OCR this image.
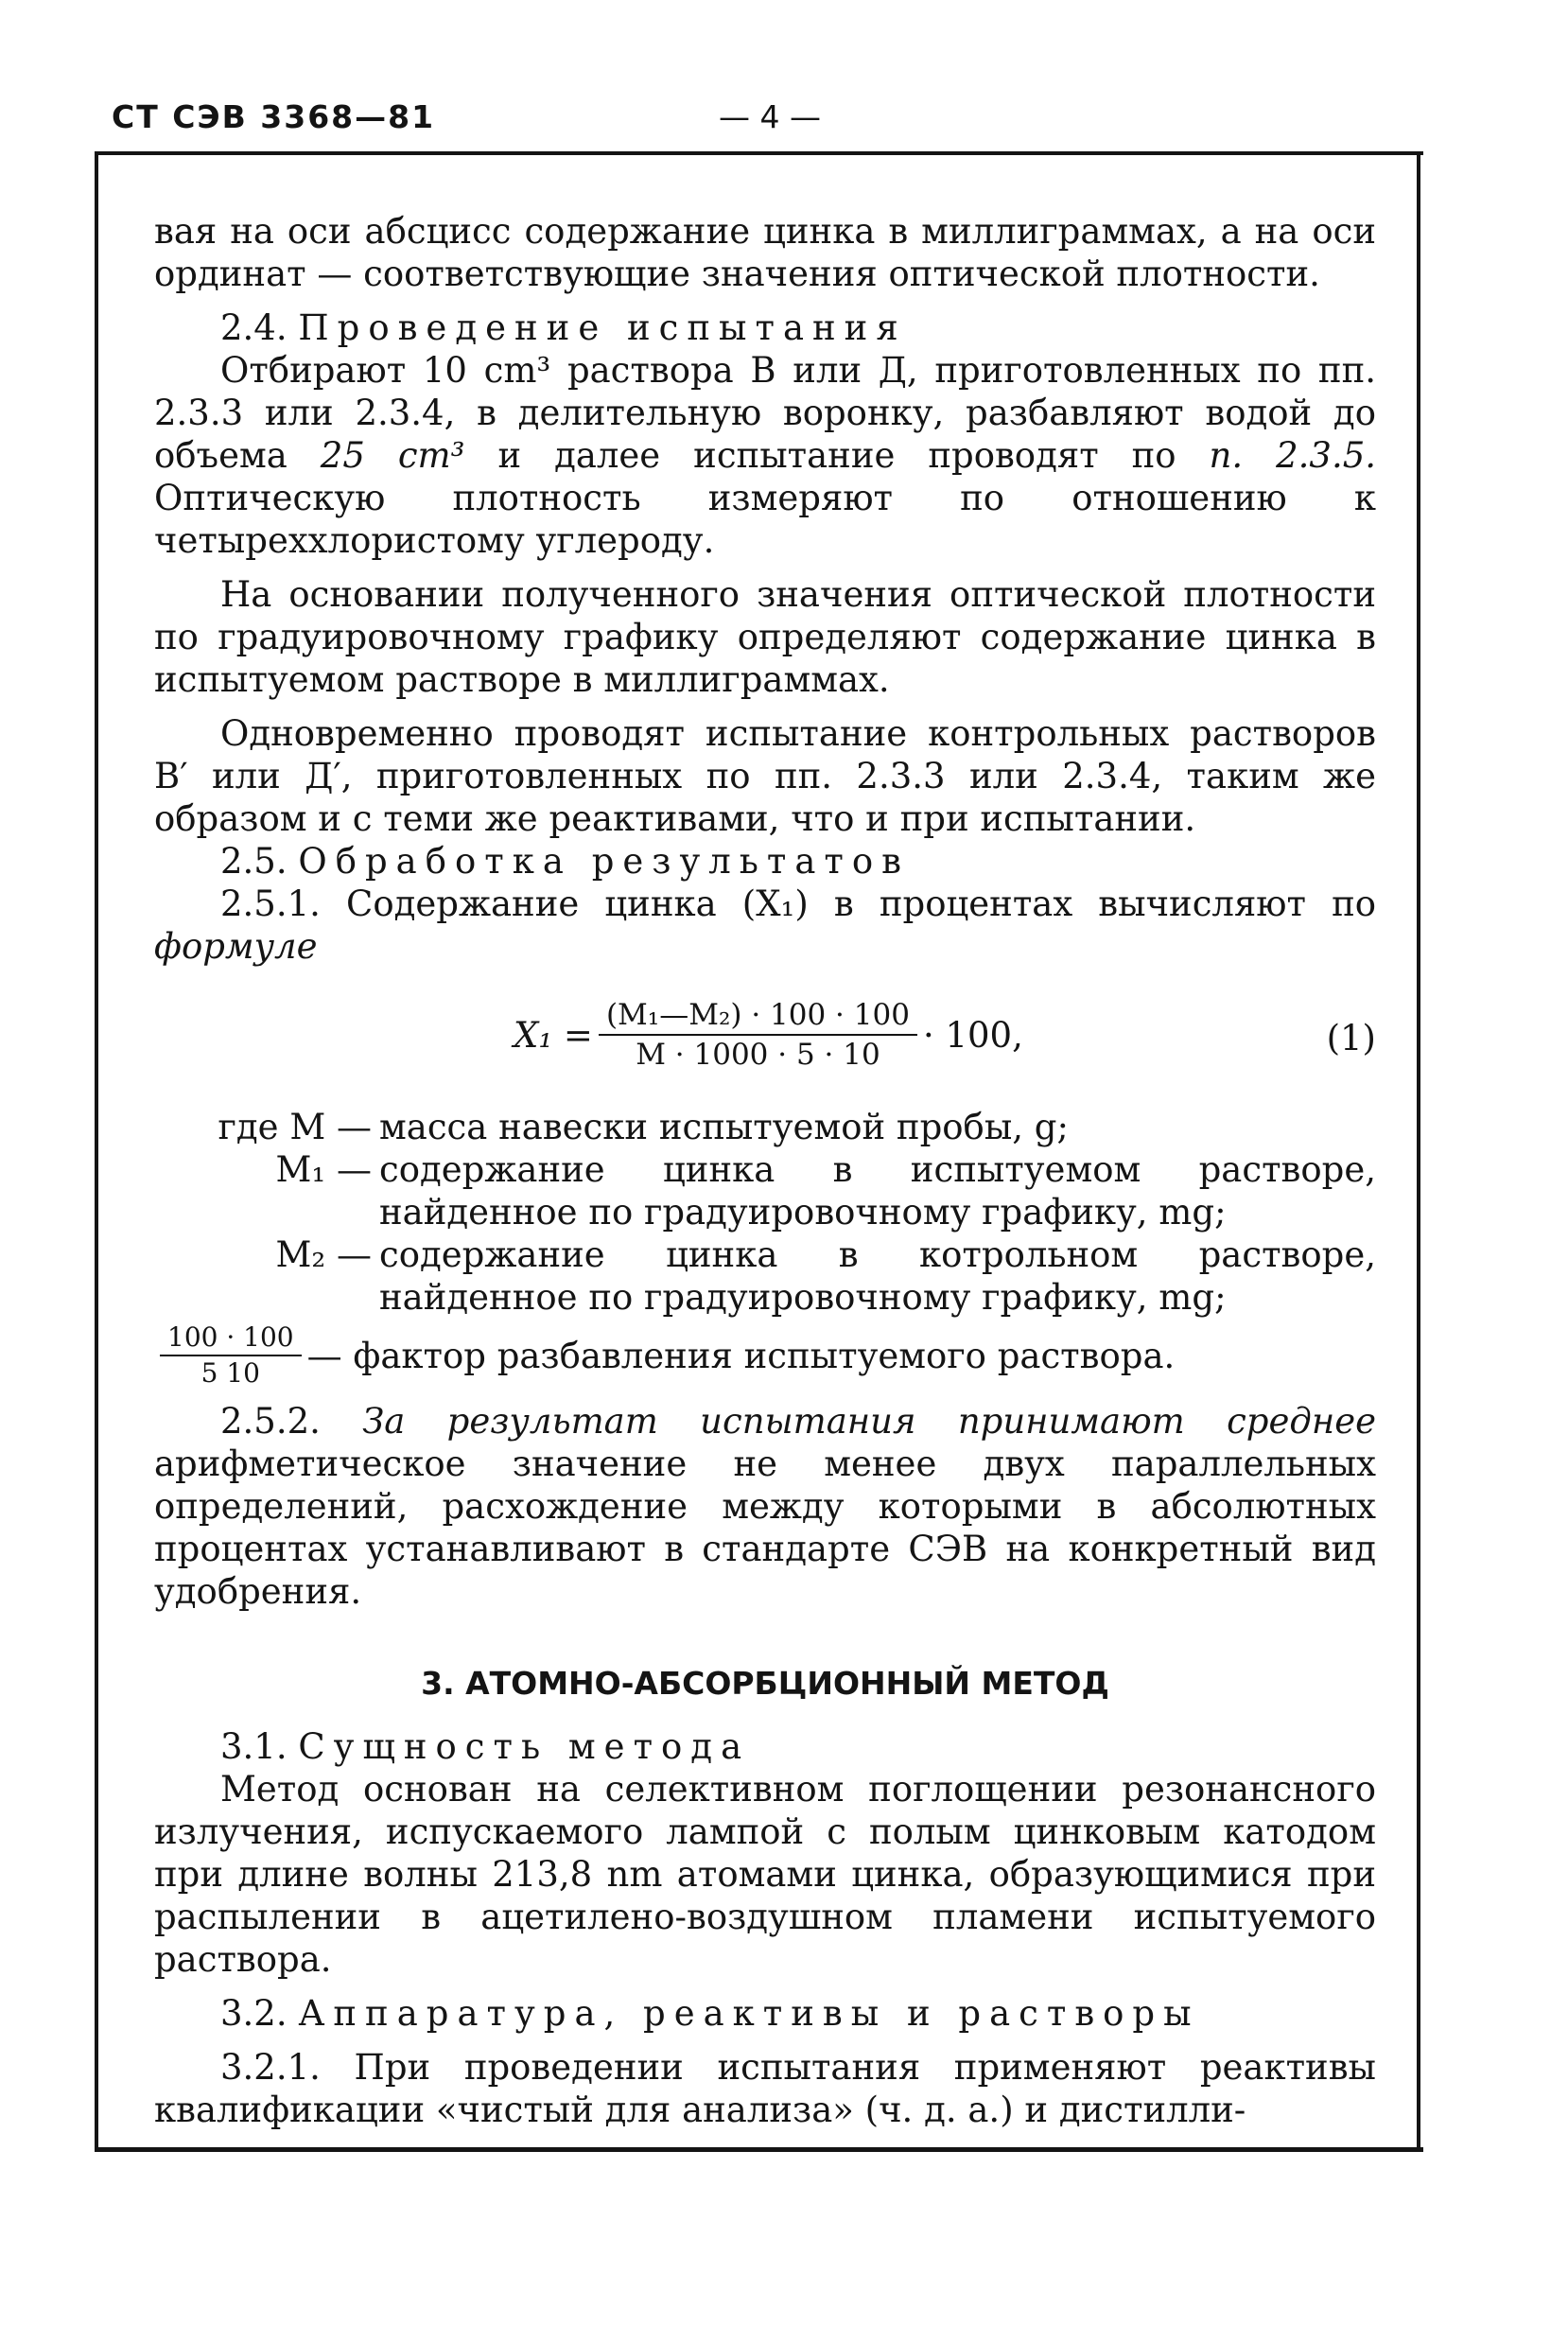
СТ СЭВ 3368—81	— 4 —

вая на оси абсцисс содержание цинка в миллиграммах, а на оси ординат — соответствующие значения оптической плотности.

2.4. Проведение испытания

Отбирают 10 cm³ раствора В или Д, приготовленных по пп. 2.3.3 или 2.3.4, в делительную воронку, разбавляют водой до объема 25 cm³ и далее испытание проводят по п. 2.3.5. Оптическую плотность измеряют по отношению к четыреххлористому углероду.

На основании полученного значения оптической плотности по градуировочному графику определяют содержание цинка в испытуемом растворе в миллиграммах.

Одновременно проводят испытание контрольных растворов В′ или Д′, приготовленных по пп. 2.3.3 или 2.3.4, таким же образом и с теми же реактивами, что и при испытании.

2.5. Обработка результатов

2.5.1. Содержание цинка (X₁) в процентах вычисляют по формуле

$X_1 = \frac{\text{(M₁—M₂) · 100 · 100}}{M \cdot 1000 \cdot 5 \cdot 10} \cdot 100$,	(1)
где M — масса навески испытуемой пробы, g;
M₁ — содержание цинка в испытуемом растворе, найденное по градуировочному графику, mg;
M₂ — содержание цинка в котрольном растворе, найденное по градуировочному графику, mg;
$\frac{100 \cdot 100}{5 10}$ — фактор разбавления испытуемого раствора.

2.5.2. За результат испытания принимают среднее арифметическое значение не менее двух параллельных определений, расхождение между которыми в абсолютных процентах устанавливают в стандарте СЭВ на конкретный вид удобрения.

3. АТОМНО-АБСОРБЦИОННЫЙ МЕТОД

3.1. Сущность метода

Метод основан на селективном поглощении резонансного излучения, испускаемого лампой с полым цинковым катодом при длине волны 213,8 nm атомами цинка, образующимися при распылении в ацетилено-воздушном пламени испытуемого раствора.

3.2. Аппаратура, реактивы и растворы

3.2.1. При проведении испытания применяют реактивы квалификации «чистый для анализа» (ч. д. а.) и дистилли-
